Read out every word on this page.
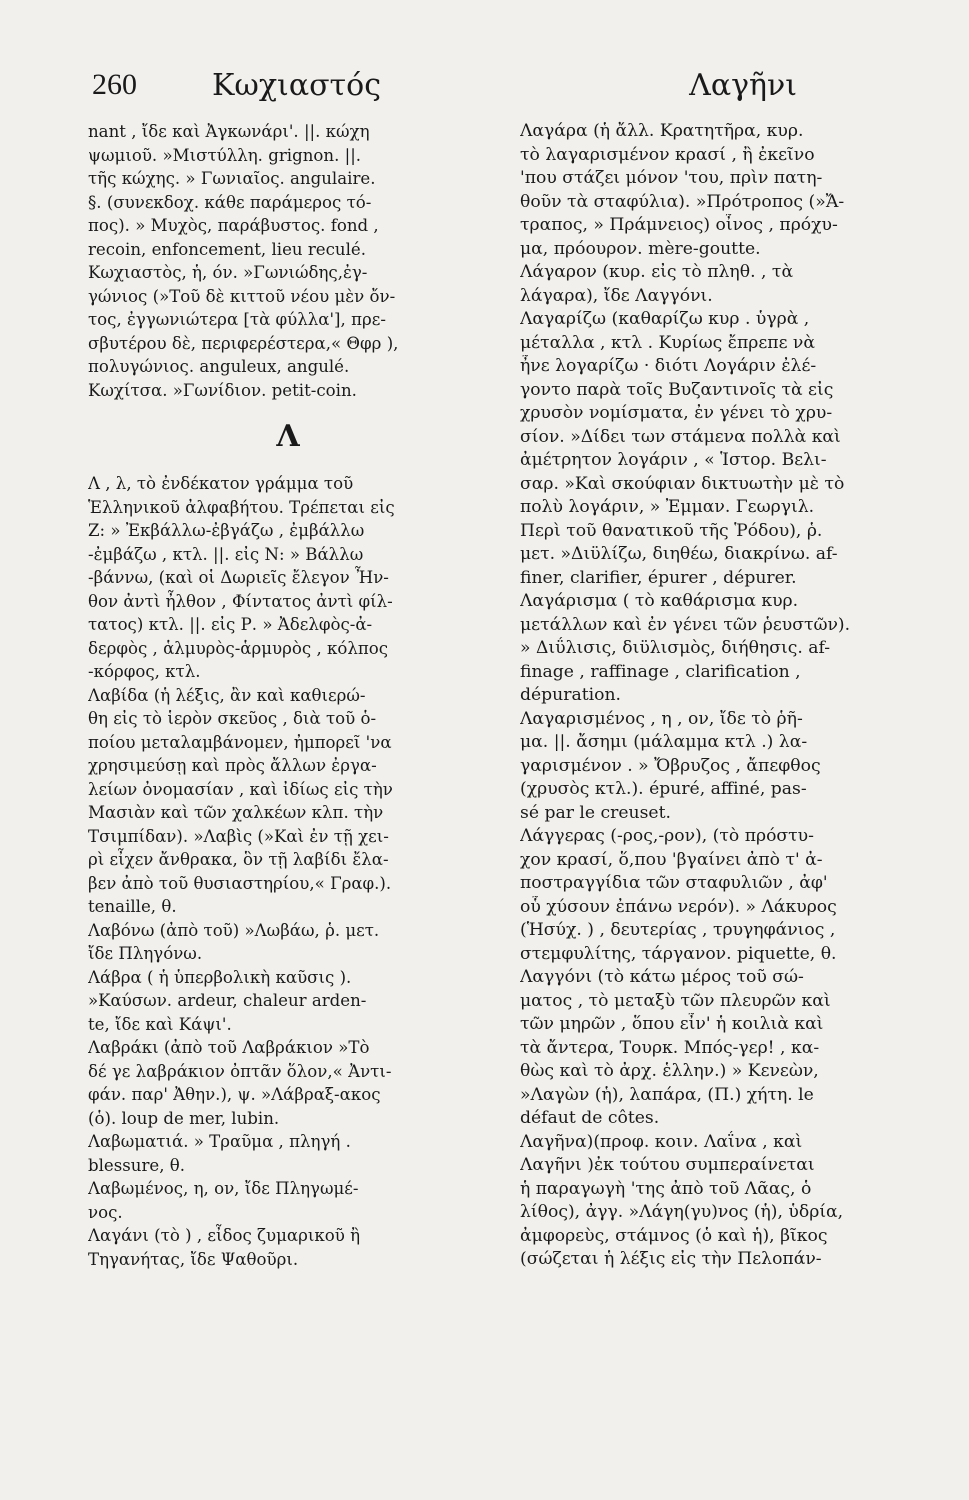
260	Κωχιαστός	Λαγῆνι
nant , ἴδε καὶ Ἀγκωνάρι'. ||. κώχη
ψωμιοῦ. »Μιστύλλη. grignon. ||.
τῆς κώχης. » Γωνιαῖος. angulaire.
§. (συνεκδοχ. κάθε παράμερος τό-
πος). » Μυχὸς, παράβυστος. fond ,
recoin, enfoncement, lieu reculé.
Κωχιαστὸς, ἡ, όν. »Γωνιώδης,ἐγ-
γώνιος (»Τοῦ δὲ κιττοῦ νέου μὲν ὄν-
τος, ἐγγωνιώτερα [τὰ φύλλα'], πρε-
σβυτέρου δὲ, περιφερέστερα,« Θφρ ),
πολυγώνιος. anguleux, angulé.
Κωχίτσα. »Γωνίδιον. petit-coin.
Λ
Λ , λ, τὸ ἐνδέκατον γράμμα τοῦ
Ἑλληνικοῦ ἀλφαβήτου. Τρέπεται εἰς
Ζ: » Ἐκβάλλω-ἐβγάζω , ἐμβάλλω
-ἐμβάζω , κτλ. ||. εἰς Ν: » Βάλλω
-βάννω, (καὶ οἱ Δωριεῖς ἔλεγον Ἦν-
θον ἀντὶ ἦλθον , Φίντατος ἀντὶ φίλ-
τατος) κτλ. ||. εἰς Ρ. » Ἀδελφὸς-ἀ-
δερφὸς , ἁλμυρὸς-ἁρμυρὸς , κόλπος
-κόρφος, κτλ.
Λαβίδα (ἡ λέξις, ἂν καὶ καθιερώ-
θη εἰς τὸ ἱερὸν σκεῦος , διὰ τοῦ ὁ-
ποίου μεταλαμβάνομεν, ἠμπορεῖ 'να
χρησιμεύσῃ καὶ πρὸς ἄλλων ἐργα-
λείων ὀνομασίαν , καὶ ἰδίως εἰς τὴν
Μασιὰν καὶ τῶν χαλκέων κλπ. τὴν
Τσιμπίδαν). »Λαβὶς (»Καὶ ἐν τῇ χει-
ρὶ εἶχεν ἄνθρακα, ὃν τῇ λαβίδι ἔλα-
βεν ἀπὸ τοῦ θυσιαστηρίου,« Γραφ.).
tenaille, θ.
Λαβόνω (ἀπὸ τοῦ) »Λωβάω, ῥ. μετ.
ἴδε Πληγόνω.
Λάβρα ( ἡ ὑπερβολικὴ καῦσις ).
»Καύσων. ardeur, chaleur arden-
te, ἴδε καὶ Κάψι'.
Λαβράκι (ἀπὸ τοῦ Λαβράκιον »Τὸ
δέ γε λαβράκιον ὀπτᾶν ὅλον,« Ἀντι-
φάν. παρ' Ἀθην.), ψ. »Λάβραξ-ακος
(ὁ). loup de mer, lubin.
Λαβωματιά. » Τραῦμα , πληγή .
blessure, θ.
Λαβωμένος, η, ον, ἴδε Πληγωμέ-
νος.
Λαγάνι (τὸ ) , εἶδος ζυμαρικοῦ ἢ
Τηγανήτας, ἴδε Ψαθοῦρι.
Λαγάρα (ἡ ἄλλ. Κρατητῆρα, κυρ.
τὸ λαγαρισμένον κρασί , ἢ ἐκεῖνο
'που στάζει μόνον 'του, πρὶν πατη-
θοῦν τὰ σταφύλια). »Πρότροπος (»Ἄ-
τραπος, » Πράμνειος) οἶνος , πρόχυ-
μα, πρόουρον. mère-goutte.
Λάγαρον (κυρ. εἰς τὸ πληθ. , τὰ
λάγαρα), ἴδε Λαγγόνι.
Λαγαρίζω (καθαρίζω κυρ . ὑγρὰ ,
μέταλλα , κτλ . Κυρίως ἔπρεπε νὰ
ἦνε λογαρίζω · διότι Λογάριν ἐλέ-
γοντο παρὰ τοῖς Βυζαντινοῖς τὰ εἰς
χρυσὸν νομίσματα, ἐν γένει τὸ χρυ-
σίον. »Δίδει των στάμενα πολλὰ καὶ
ἀμέτρητον λογάριν , « Ἱστορ. Βελι-
σαρ. »Καὶ σκούφιαν δικτυωτὴν μὲ τὸ
πολὺ λογάριν, » Ἐμμαν. Γεωργιλ.
Περὶ τοῦ θανατικοῦ τῆς Ῥόδου), ῥ.
μετ. »Διϋλίζω, διηθέω, διακρίνω. af-
finer, clarifier, épurer , dépurer.
Λαγάρισμα ( τὸ καθάρισμα κυρ.
μετάλλων καὶ ἐν γένει τῶν ῥευστῶν).
» Διΰλισις, διϋλισμὸς, διήθησις. af-
finage , raffinage , clarification ,
dépuration.
Λαγαρισμένος , η , ον, ἴδε τὸ ῥῆ-
μα. ||. ἄσημι (μάλαμμα κτλ .) λα-
γαρισμένον . » Ὄβρυζος , ἄπεφθος
(χρυσὸς κτλ.). épuré, affiné, pas-
sé par le creuset.
Λάγγερας (-ρος,-ρον), (τὸ πρόστυ-
χον κρασί, ὅ,που 'βγαίνει ἀπὸ τ' ἀ-
ποστραγγίδια τῶν σταφυλιῶν , ἀφ'
οὗ χύσουν ἐπάνω νερόν). » Λάκυρος
(Ἡσύχ. ) , δευτερίας , τρυγηφάνιος ,
στεμφυλίτης, τάργανον. piquette, θ.
Λαγγόνι (τὸ κάτω μέρος τοῦ σώ-
ματος , τὸ μεταξὺ τῶν πλευρῶν καὶ
τῶν μηρῶν , ὅπου εἶν' ἡ κοιλιὰ καὶ
τὰ ἄντερα, Τουρκ. Μπός-γερ! , κα-
θὼς καὶ τὸ ἀρχ. ἑλλην.) » Κενεὼν,
»Λαγὼν (ἡ), λαπάρα, (Π.) χήτη. le
défaut de côtes.
Λαγῆνα)(προφ. κοιν. Λαΐνα , καὶ
Λαγῆνι )ἐκ τούτου συμπεραίνεται
ἡ παραγωγὴ 'της ἀπὸ τοῦ Λᾶας, ὁ
λίθος), ἀγγ. »Λάγη(γυ)νος (ἡ), ὑδρία,
ἀμφορεὺς, στάμνος (ὁ καὶ ἡ), βῖκος
(σώζεται ἡ λέξις εἰς τὴν Πελοπάν-
